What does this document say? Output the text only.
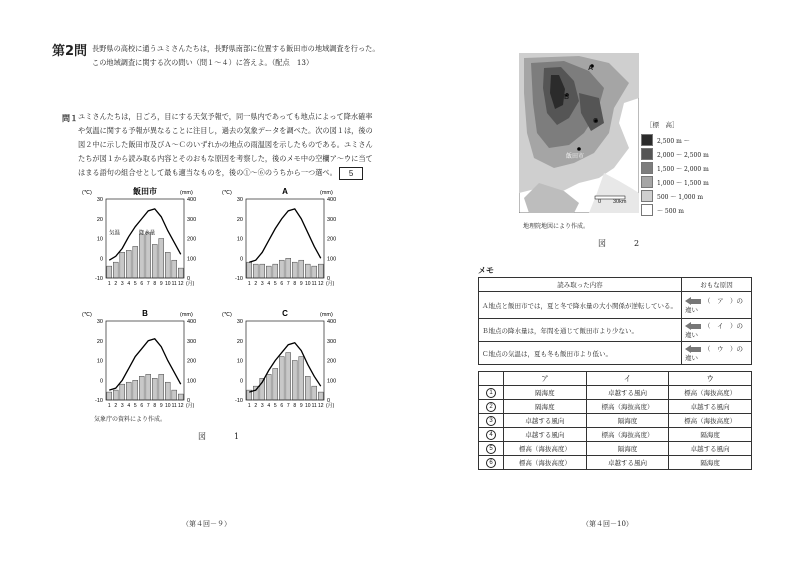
第2問 長野県の高校に通うユミさんたちは，長野県南部に位置する飯田市の地域調査を行った。この地域調査に関する次の問い（問１～４）に答えよ。（配点　13）
問１ ユミさんたちは，日ごろ，目にする天気予報で，同一県内であっても地点によって降水確率や気温に関する予報が異なることに注目し，過去の気象データを調べた。次の図１は，後の図２中に示した飯田市及びＡ～Ｃのいずれかの地点の雨温図を示したものである。ユミさんたちが図１から読み取る内容とそのおもな原因を考察した，後のメモ中の空欄ア～ウに当てはまる語句の組合せとして最も適当なものを，後の①～⑥のうちから一つ選べ。 5
飯田市
(℃)	(mm)
-10
0
10
20
30
0
100
200
300
400
1 2 3 4 5 6 7 8 9 10 11 12 (月)
気温	降水量
A
(℃)	(mm)
-10
0
10
20
30
0
100
200
300
400
1 2 3 4 5 6 7 8 9 10 11 12 (月)
B
(℃)	(mm)
-10
0
10
20
30
0
100
200
300
400
1 2 3 4 5 6 7 8 9 10 11 12 (月)
C
(℃)	(mm)
-10
0
10
20
30
0
100
200
300
400
1 2 3 4 5 6 7 8 9 10 11 12 (月)
気象庁の資料により作成。
図　1
（第４回－９）
A
B
C
飯田市
0 30km
［標　高］
2,500 m ～
2,000 ～ 2,500 m
1,500 ～ 2,000 m
1,000 ～ 1,500 m
500 ～ 1,000 m
～ 500 m
地理院地図により作成。
図　2
メモ
読み取った内容	おもな原因
Ａ地点と飯田市では，夏と冬で降水量の大小関係が逆転している。	（　ア　）の違い
Ｂ地点の降水量は，年間を通じて飯田市より少ない。	（　イ　）の違い
Ｃ地点の気温は，夏も冬も飯田市より低い。	（　ウ　）の違い
	ア	イ	ウ
1	隔海度	卓越する風向	標高（海抜高度）
2	隔海度	標高（海抜高度）	卓越する風向
3	卓越する風向	隔海度	標高（海抜高度）
4	卓越する風向	標高（海抜高度）	隔海度
5	標高（海抜高度）	隔海度	卓越する風向
6	標高（海抜高度）	卓越する風向	隔海度
（第４回－10）
